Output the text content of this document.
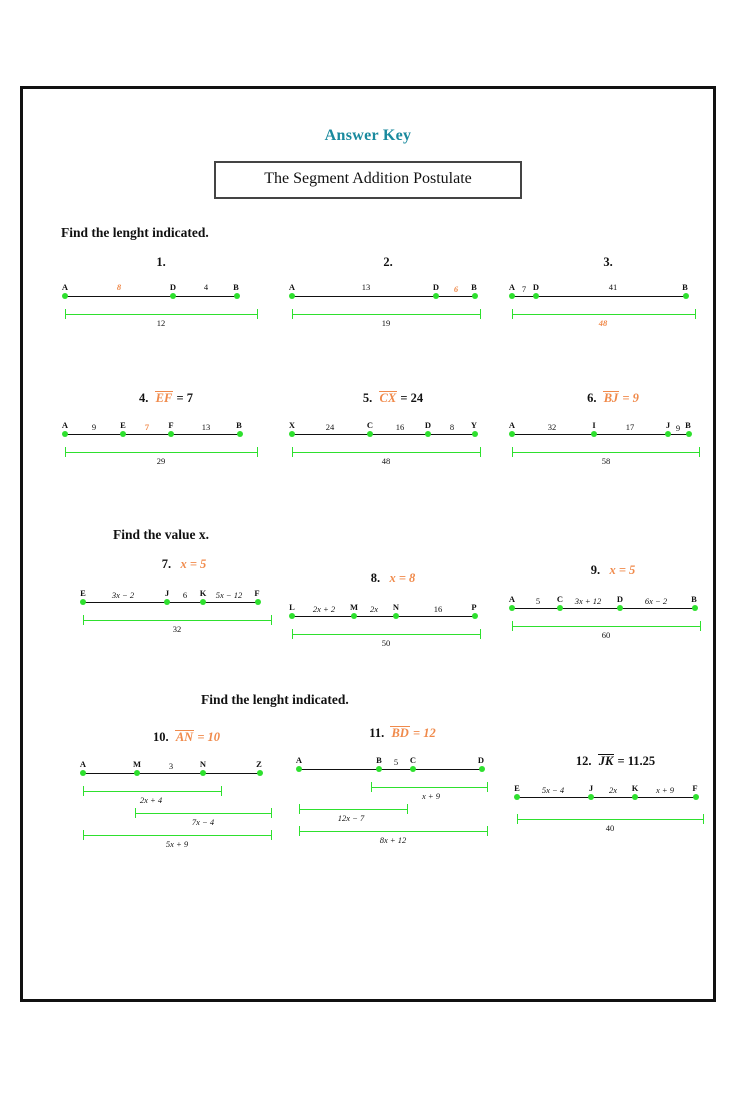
Answer Key
The Segment Addition Postulate
Find the lenght indicated.
1.
A	D	B
8	4
12
2.
A	D	B
13	6
19
3.
A D	B
7	41
48
4. EF = 7
A	E	F	B
9	7	13
29
5. CX = 24
X	C	D	Y
24	16	8
48
6. BJ = 9
A	I	J B
32	17	9
58
Find the value x.
7. x = 5
E	J	K	F
3x − 2	6	5x − 12
32
8. x = 8
L	M	N	P
2x + 2	2x	16
50
9. x = 5
A	C	D	B
5	3x + 12	6x − 2
60
Find the lenght indicated.
10. AN = 10
A	M	N	Z
3
2x + 4
7x − 4
5x + 9
11. BD = 12
A	B	C	D
5
x + 9
12x − 7
8x + 12
12. JK = 11.25
E	J	K	F
5x − 4	2x	x + 9
40
